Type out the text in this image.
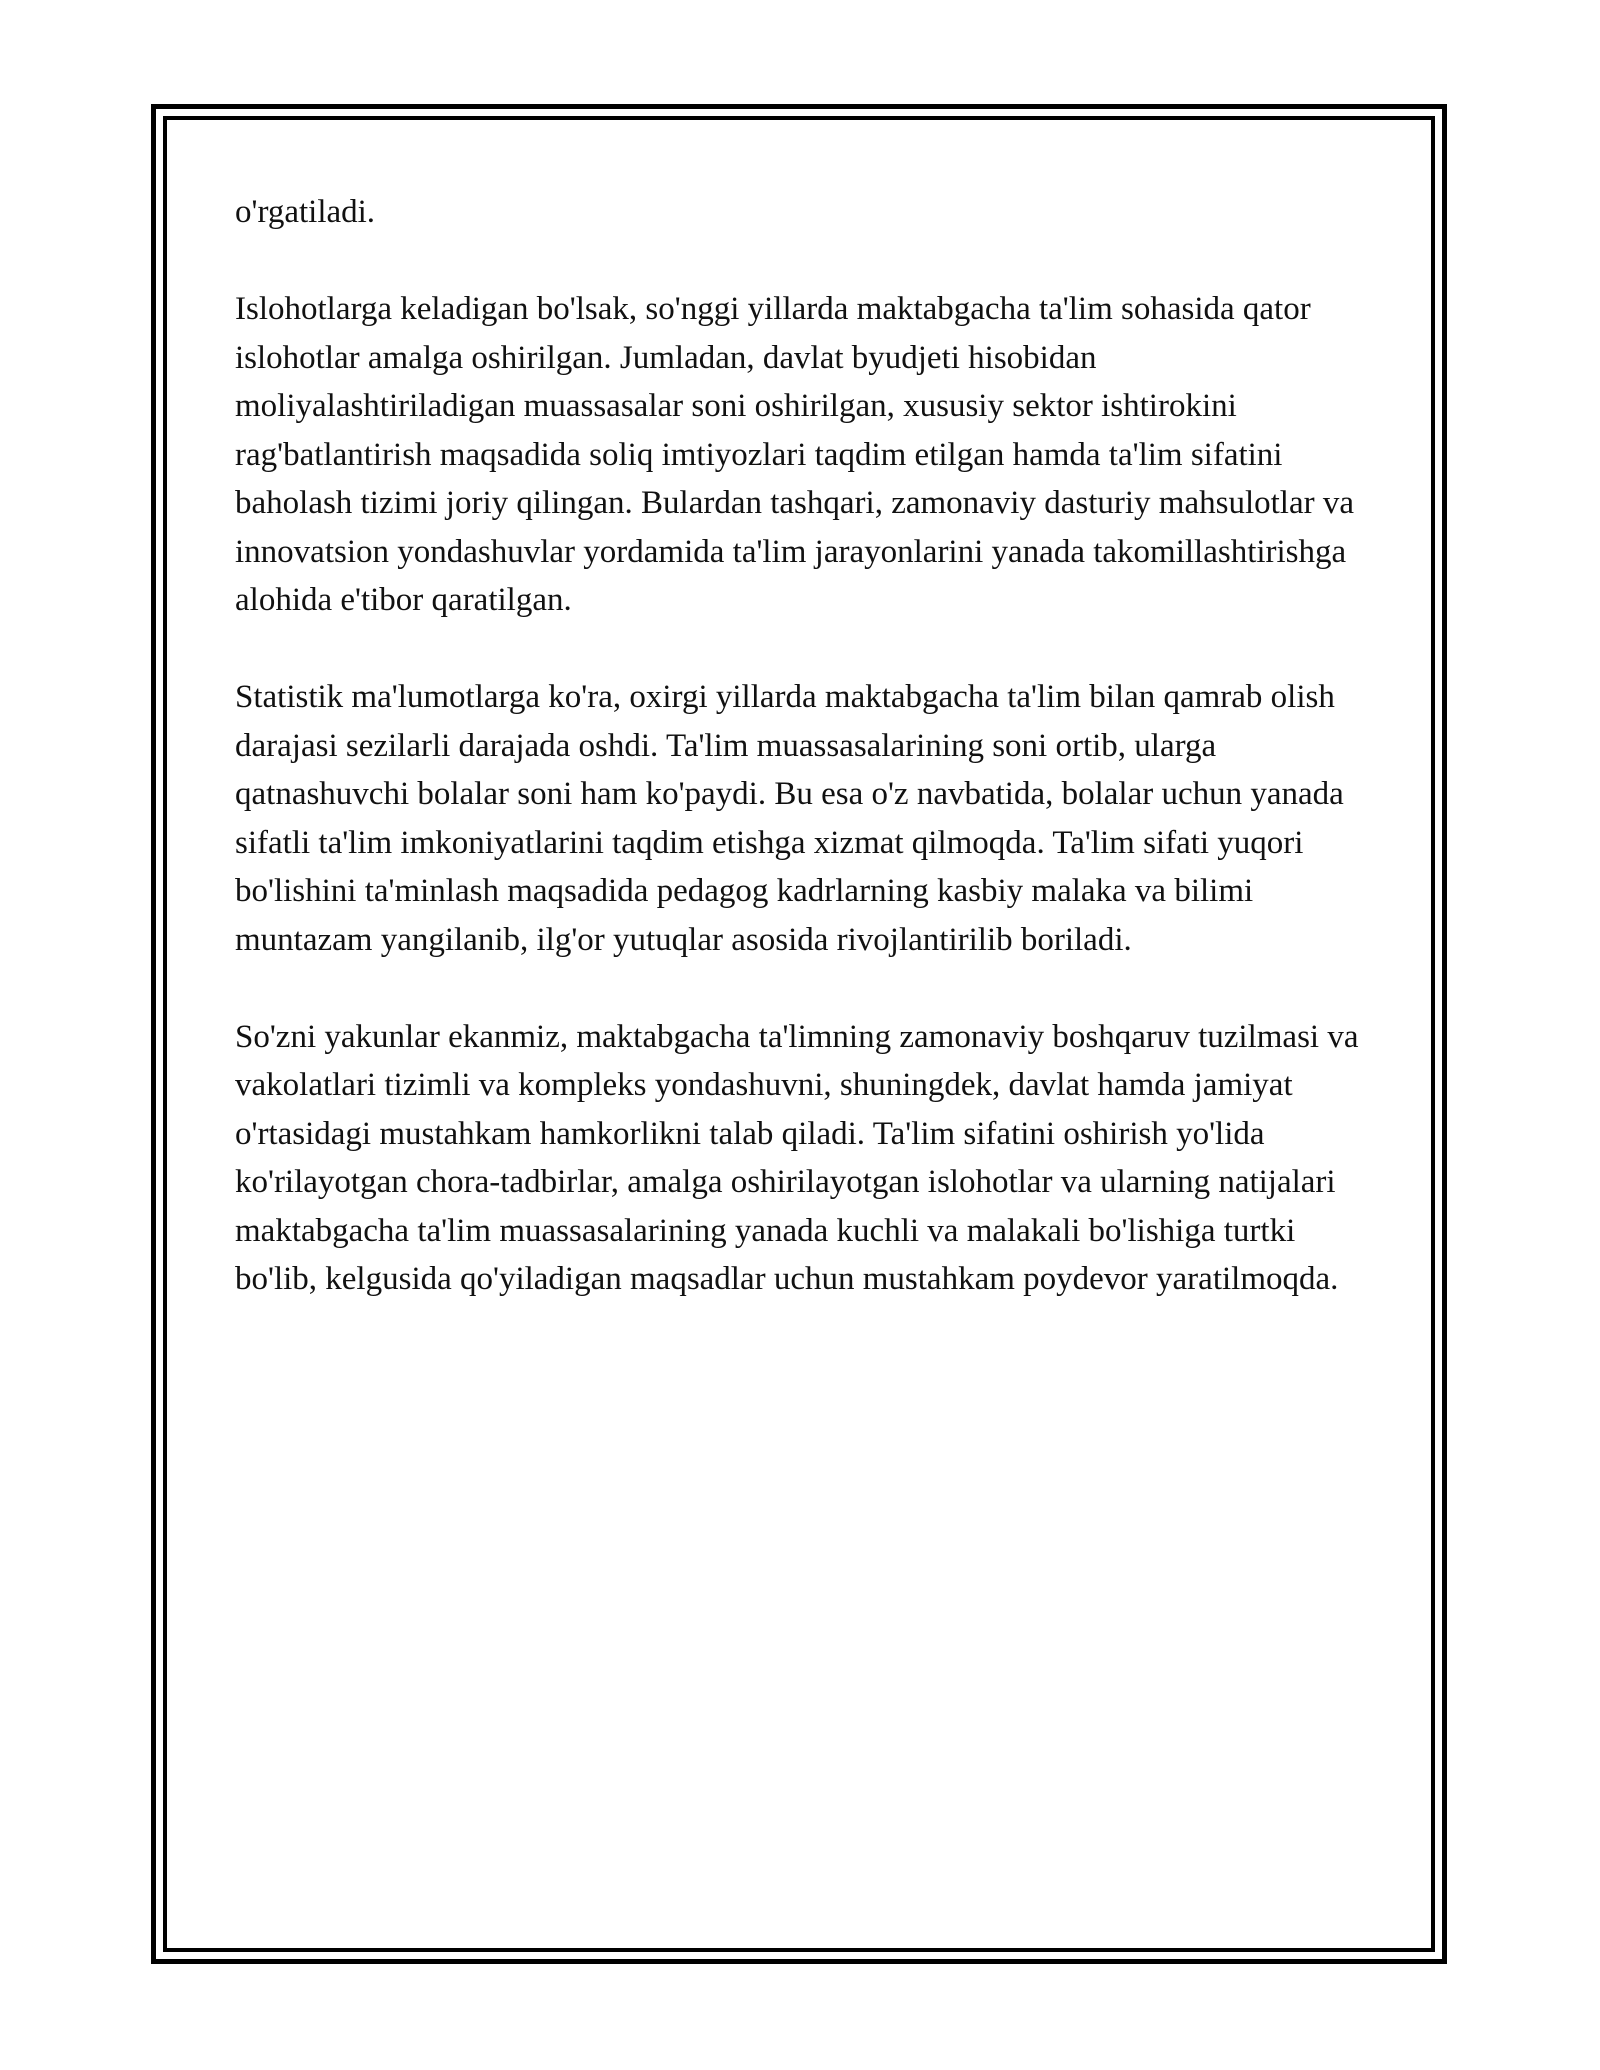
o'rgatiladi.

Islohotlarga keladigan bo'lsak, so'nggi yillarda maktabgacha ta'lim sohasida qator islohotlar amalga oshirilgan. Jumladan, davlat byudjeti hisobidan moliyalashtiriladigan muassasalar soni oshirilgan, xususiy sektor ishtirokini rag'batlantirish maqsadida soliq imtiyozlari taqdim etilgan hamda ta'lim sifatini baholash tizimi joriy qilingan. Bulardan tashqari, zamonaviy dasturiy mahsulotlar va innovatsion yondashuvlar yordamida ta'lim jarayonlarini yanada takomillashtirishga alohida e'tibor qaratilgan.

Statistik ma'lumotlarga ko'ra, oxirgi yillarda maktabgacha ta'lim bilan qamrab olish darajasi sezilarli darajada oshdi. Ta'lim muassasalarining soni ortib, ularga qatnashuvchi bolalar soni ham ko'paydi. Bu esa o'z navbatida, bolalar uchun yanada sifatli ta'lim imkoniyatlarini taqdim etishga xizmat qilmoqda. Ta'lim sifati yuqori bo'lishini ta'minlash maqsadida pedagog kadrlarning kasbiy malaka va bilimi muntazam yangilanib, ilg'or yutuqlar asosida rivojlantirilib boriladi.

So'zni yakunlar ekanmiz, maktabgacha ta'limning zamonaviy boshqaruv tuzilmasi va vakolatlari tizimli va kompleks yondashuvni, shuningdek, davlat hamda jamiyat o'rtasidagi mustahkam hamkorlikni talab qiladi. Ta'lim sifatini oshirish yo'lida ko'rilayotgan chora-tadbirlar, amalga oshirilayotgan islohotlar va ularning natijalari maktabgacha ta'lim muassasalarining yanada kuchli va malakali bo'lishiga turtki bo'lib, kelgusida qo'yiladigan maqsadlar uchun mustahkam poydevor yaratilmoqda.
